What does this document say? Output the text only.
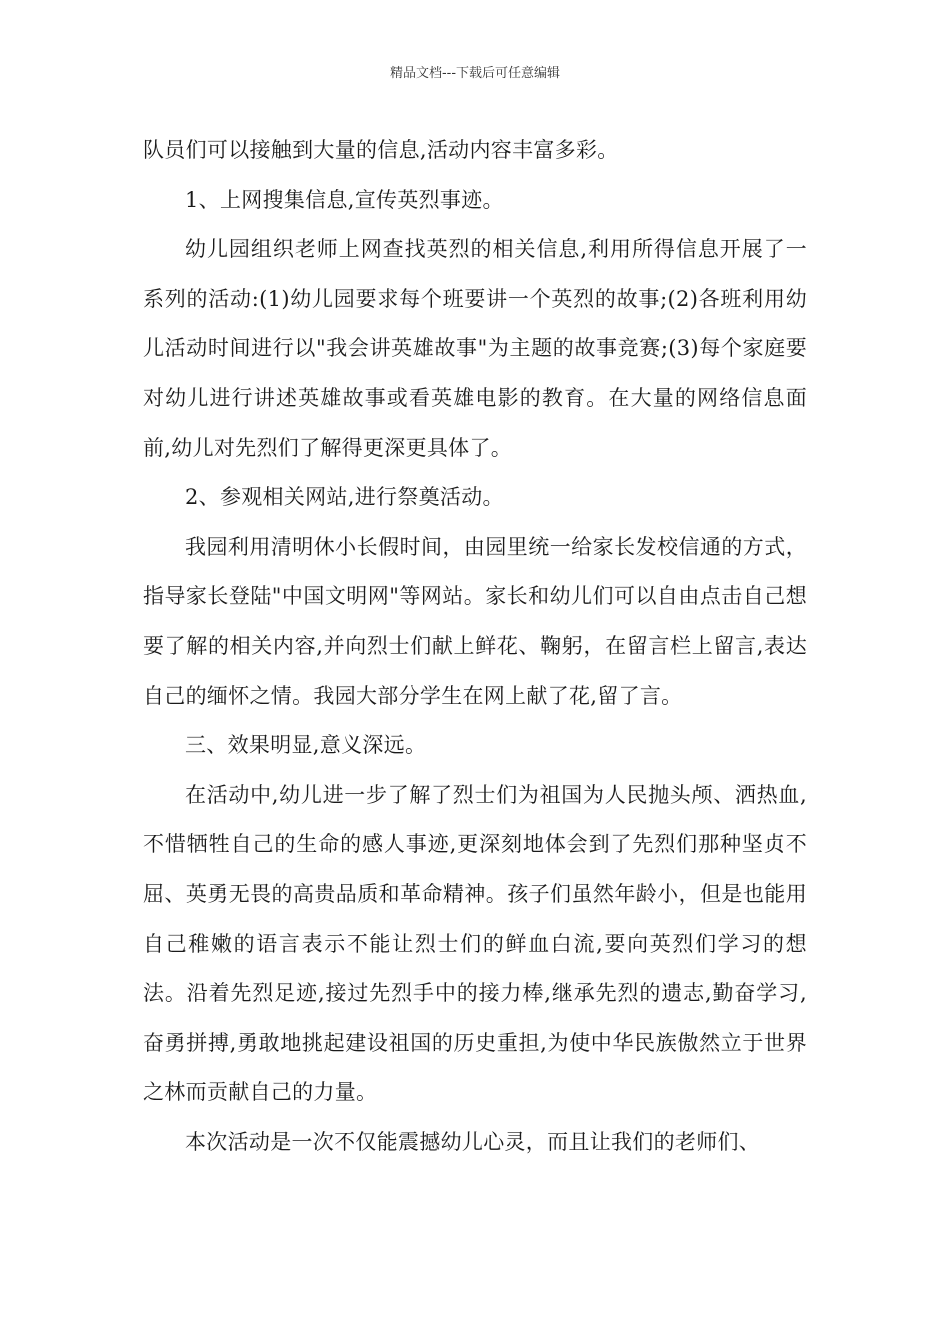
精品文档---下载后可任意编辑

队员们可以接触到大量的信息,活动内容丰富多彩。

1、上网搜集信息,宣传英烈事迹。

幼儿园组织老师上网查找英烈的相关信息,利用所得信息开展了一系列的活动:(1)幼儿园要求每个班要讲一个英烈的故事;(2)各班利用幼儿活动时间进行以"我会讲英雄故事"为主题的故事竞赛;(3)每个家庭要对幼儿进行讲述英雄故事或看英雄电影的教育。在大量的网络信息面前,幼儿对先烈们了解得更深更具体了。

2、参观相关网站,进行祭奠活动。

我园利用清明休小长假时间，由园里统一给家长发校信通的方式，指导家长登陆"中国文明网"等网站。家长和幼儿们可以自由点击自己想要了解的相关内容,并向烈士们献上鲜花、鞠躬，在留言栏上留言,表达自己的缅怀之情。我园大部分学生在网上献了花,留了言。

三、效果明显,意义深远。

在活动中,幼儿进一步了解了烈士们为祖国为人民抛头颅、洒热血,不惜牺牲自己的生命的感人事迹,更深刻地体会到了先烈们那种坚贞不屈、英勇无畏的高贵品质和革命精神。孩子们虽然年龄小，但是也能用自己稚嫩的语言表示不能让烈士们的鲜血白流,要向英烈们学习的想法。沿着先烈足迹,接过先烈手中的接力棒,继承先烈的遗志,勤奋学习,奋勇拼搏,勇敢地挑起建设祖国的历史重担,为使中华民族傲然立于世界之林而贡献自己的力量。

本次活动是一次不仅能震撼幼儿心灵，而且让我们的老师们、
